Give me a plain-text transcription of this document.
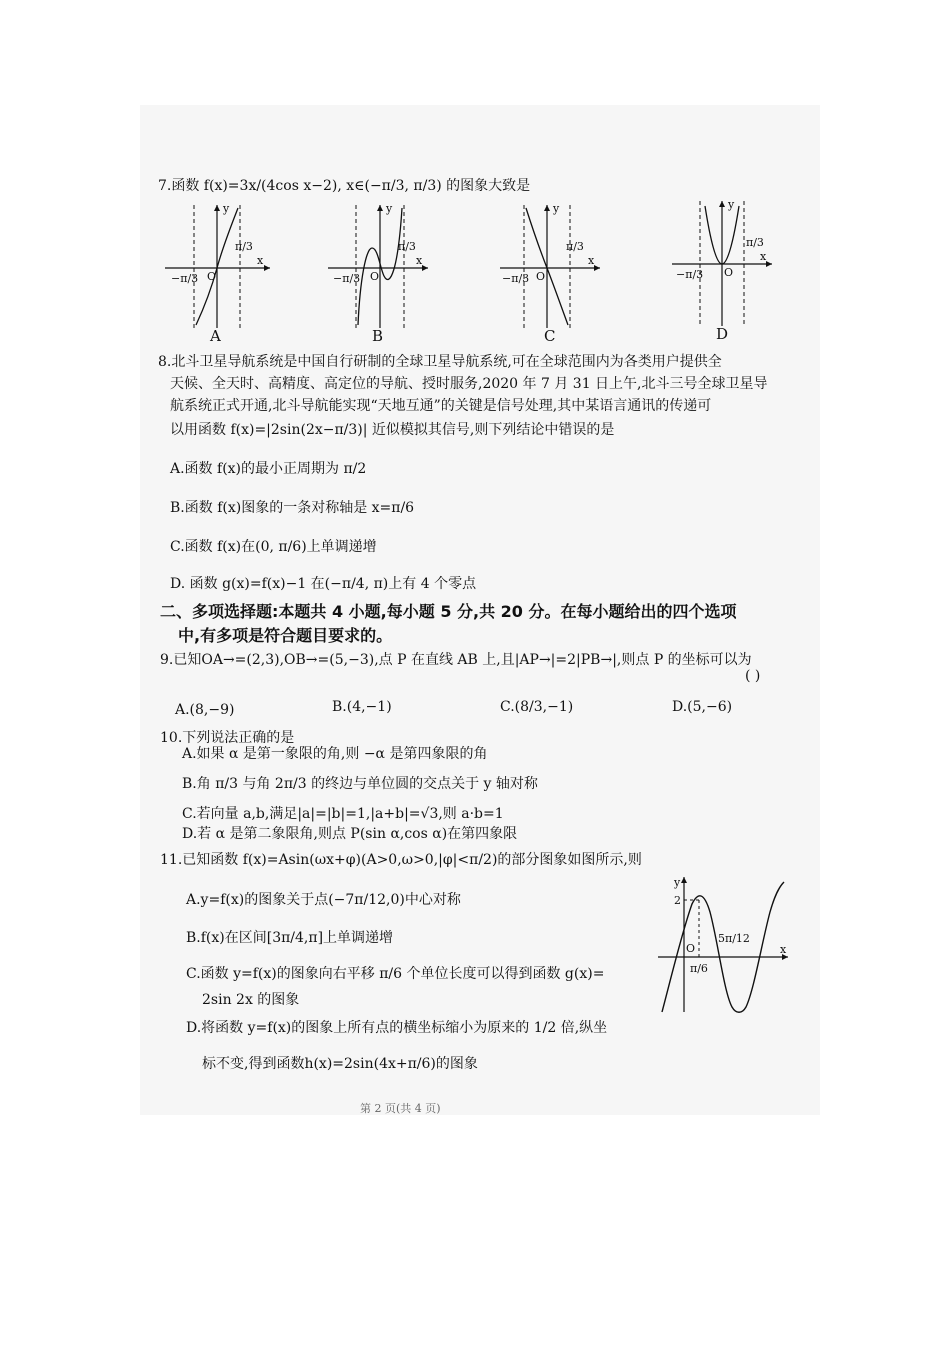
7.函数 f(x)=3x/(4cos x−2), x∈(−π/3, π/3) 的图象大致是
y
x
O
−π/3
π/3
A
y
x
O
−π/3
π/3
B
y
x
O
−π/3
π/3
C
y
x
O
−π/3
π/3
D
8.北斗卫星导航系统是中国自行研制的全球卫星导航系统,可在全球范围内为各类用户提供全
天候、全天时、高精度、高定位的导航、授时服务,2020 年 7 月 31 日上午,北斗三号全球卫星导
航系统正式开通,北斗导航能实现“天地互通”的关键是信号处理,其中某语言通讯的传递可
以用函数 f(x)=|2sin(2x−π/3)| 近似模拟其信号,则下列结论中错误的是
A.函数 f(x)的最小正周期为 π/2
B.函数 f(x)图象的一条对称轴是 x=π/6
C.函数 f(x)在(0, π/6)上单调递增
D. 函数 g(x)=f(x)−1 在(−π/4, π)上有 4 个零点
二、多项选择题:本题共 4 小题,每小题 5 分,共 20 分。在每小题给出的四个选项
中,有多项是符合题目要求的。
9.已知OA→=(2,3),OB→=(5,−3),点 P 在直线 AB 上,且|AP→|=2|PB→|,则点 P 的坐标可以为
( )
A.(8,−9)	B.(4,−1)	C.(8/3,−1)	D.(5,−6)
10.下列说法正确的是
A.如果 α 是第一象限的角,则 −α 是第四象限的角
B.角 π/3 与角 2π/3 的终边与单位圆的交点关于 y 轴对称
C.若向量 a,b,满足|a|=|b|=1,|a+b|=√3,则 a·b=1
D.若 α 是第二象限角,则点 P(sin α,cos α)在第四象限
11.已知函数 f(x)=Asin(ωx+φ)(A>0,ω>0,|φ|<π/2)的部分图象如图所示,则
A.y=f(x)的图象关于点(−7π/12,0)中心对称
B.f(x)在区间[3π/4,π]上单调递增
C.函数 y=f(x)的图象向右平移 π/6 个单位长度可以得到函数 g(x)=
2sin 2x 的图象
D.将函数 y=f(x)的图象上所有点的横坐标缩小为原来的 1/2 倍,纵坐
标不变,得到函数h(x)=2sin(4x+π/6)的图象
y
x
O
2
π/6
5π/12
第 2 页(共 4 页)
